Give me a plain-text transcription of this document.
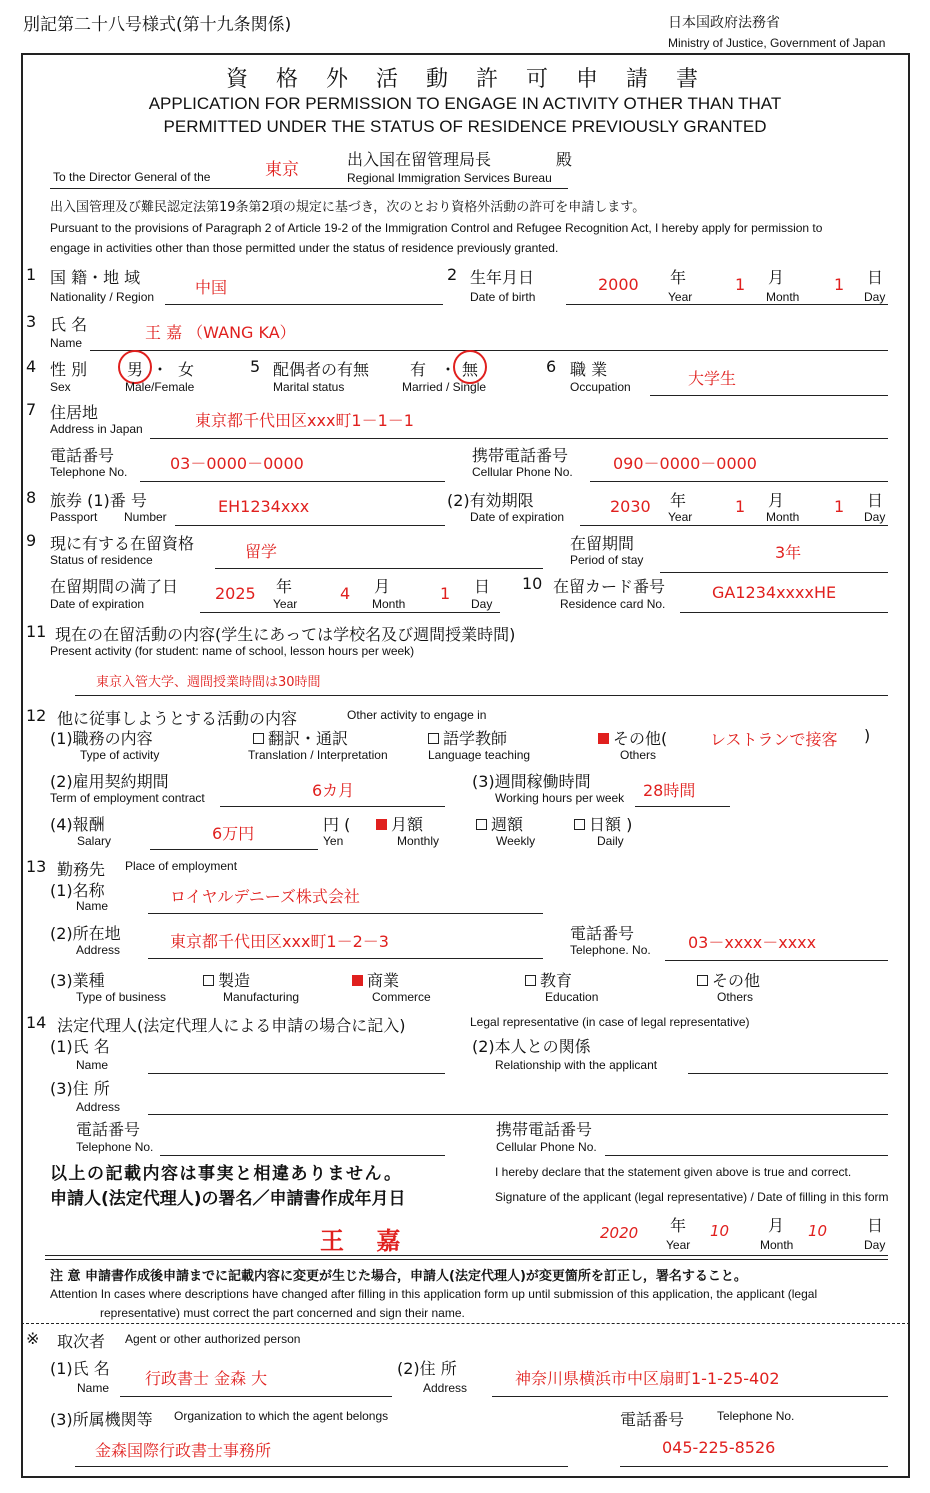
別記第二十八号様式(第十九条関係)	日本国政府法務省
Ministry of Justice, Government of Japan
資格外活動許可申請書
APPLICATION FOR PERMISSION TO ENGAGE IN ACTIVITY OTHER THAN THAT
PERMITTED UNDER THE STATUS OF RESIDENCE PREVIOUSLY GRANTED
To the Director General of the	東京
出入国在留管理局長	殿
Regional Immigration Services Bureau
出入国管理及び難民認定法第19条第2項の規定に基づき，次のとおり資格外活動の許可を申請します。
Pursuant to the provisions of Paragraph 2 of Article 19-2 of the Immigration Control and Refugee Recognition Act, I hereby apply for permission to
engage in activities other than those permitted under the status of residence previously granted.
1 国 籍・地 域
Nationality / Region	中国
2 生年月日
Date of birth
2000 年
Year
1 月
Month
1 日
Day
3 氏 名
Name
王 嘉 （WANG KA）
4 性 別 男 ・ 女
Sex	Male/Female
5 配偶者の有無	有 ・ 無
Marital status	Married / Single
6 職 業
Occupation	大学生
7 住居地
Address in Japan	東京都千代田区xxx町1－1－1
電話番号
Telephone No.	03－0000－0000	携帯電話番号
Cellular Phone No.	090－0000－0000
8 旅券 (1)番 号
Passport Number
EH1234xxx	(2)有効期限
Date of expiration
2030 年
Year
1 月
Month
1 日
Day
9 現に有する在留資格
Status of residence	留学	在留期間
Period of stay	3年
在留期間の満了日
Date of expiration
2025 年
Year
4 月
Month
1 日
Day
10 在留カード番号
Residence card No.
GA1234xxxxHE
11 現在の在留活動の内容(学生にあっては学校名及び週間授業時間)
Present activity (for student: name of school, lesson hours per week)
東京入管大学、週間授業時間は30時間
12 他に従事しようとする活動の内容	Other activity to engage in
(1)職務の内容
Type of activity
翻訳・通訳
Translation / Interpretation
語学教師
Language teaching
その他(
Others
レストランで接客 )
(2)雇用契約期間
Term of employment contract	6カ月	(3)週間稼働時間
Working hours per week 28時間
(4)報酬
Salary	6万円	円 (
Yen
月額
Monthly
週額
Weekly
日額 )
Daily
13 勤務先 Place of employment
(1)名称
Name	ロイヤルデニーズ株式会社
(2)所在地
Address	東京都千代田区xxx町1－2－3	電話番号
Telephone. No. 03－xxxx－xxxx
(3)業種
Type of business
製造
Manufacturing
商業
Commerce
教育
Education
その他
Others
14 法定代理人(法定代理人による申請の場合に記入)	Legal representative (in case of legal representative)
(1)氏 名
Name
(2)本人との関係
Relationship with the applicant
(3)住 所
Address
電話番号
Telephone No.
携帯電話番号
Cellular Phone No.
以上の記載内容は事実と相違ありません。	I hereby declare that the statement given above is true and correct.
申請人(法定代理人)の署名／申請書作成年月日	Signature of the applicant (legal representative) / Date of filling in this form
王 嘉	2020 年
Year
10 月
Month
10 日
Day
注 意 申請書作成後申請までに記載内容に変更が生じた場合，申請人(法定代理人)が変更箇所を訂正し，署名すること。
Attention In cases where descriptions have changed after filling in this application form up until submission of this application, the applicant (legal
representative) must correct the part concerned and sign their name.
※ 取次者 Agent or other authorized person
(1)氏 名
Name 行政書士 金森 大
(2)住 所
Address	神奈川県横浜市中区扇町1-1-25-402
(3)所属機関等 Organization to which the agent belongs	電話番号	Telephone No.
金森国際行政書士事務所	045-225-8526
